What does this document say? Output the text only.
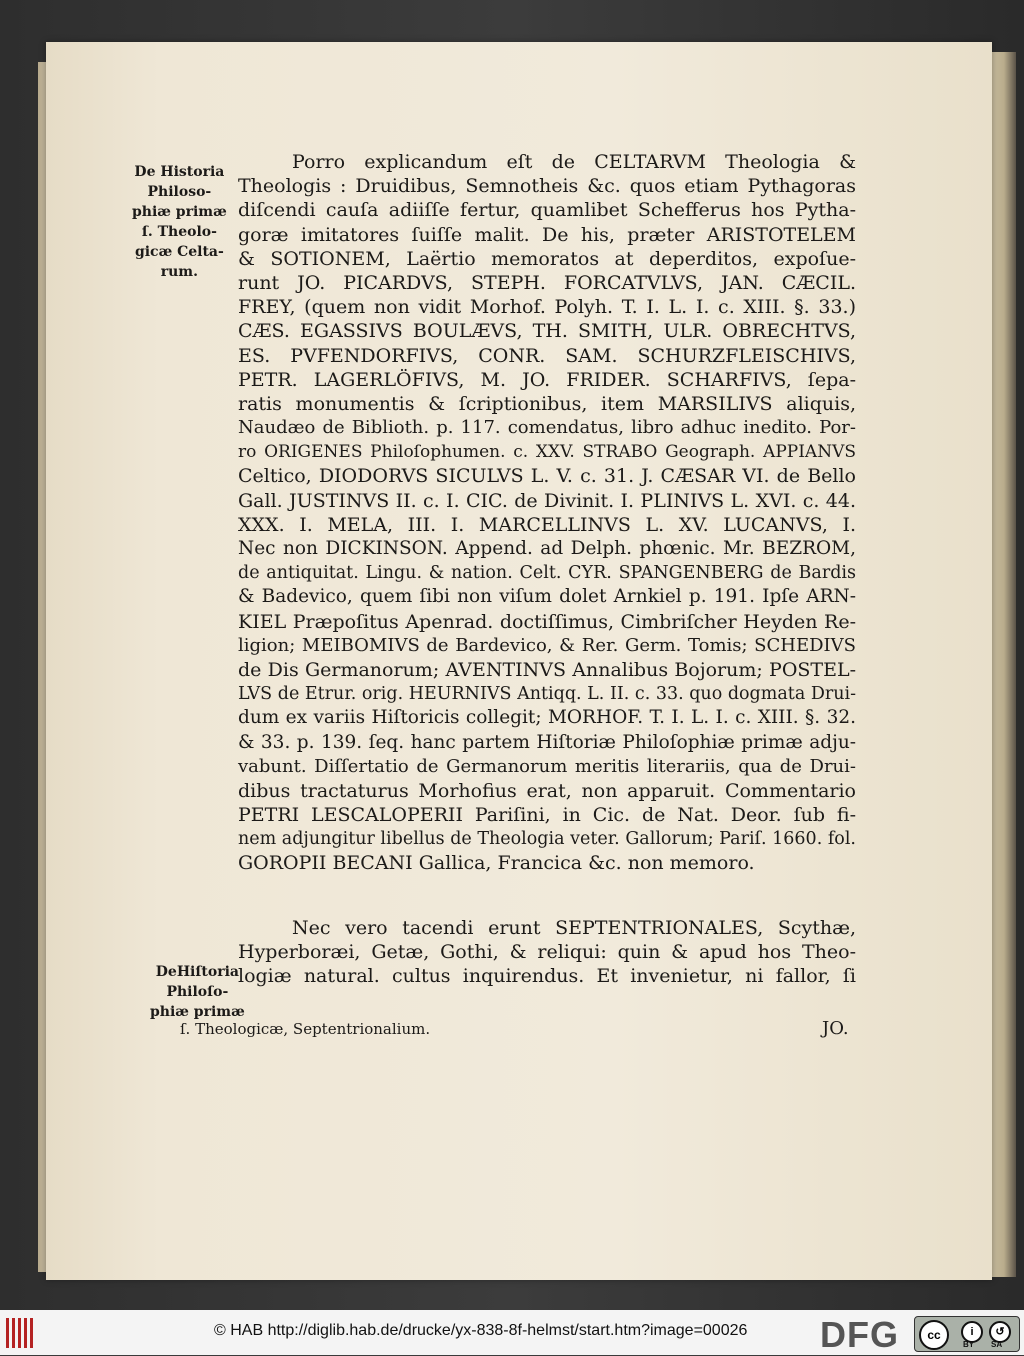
De Historia
Philoso-
phiæ primæ
ſ. Theolo-
gicæ Celta-
rum.
DeHiſtoria
Philoſo-
phiæ primæ
Porro explicandum eſt de CELTARVM Theologia &
Theologis : Druidibus, Semnotheis &c. quos etiam Pythagoras
diſcendi cauſa adiiſſe fertur, quamlibet Schefferus hos Pytha-
goræ imitatores ſuiſſe malit. De his, præter ARISTOTELEM
& SOTIONEM, Laërtio memoratos at deperditos, expoſue-
runt JO. PICARDVS, STEPH. FORCATVLVS, JAN. CÆCIL.
FREY, (quem non vidit Morhof. Polyh. T. I. L. I. c. XIII. §. 33.)
CÆS. EGASSIVS BOULÆVS, TH. SMITH, ULR. OBRECHTVS,
ES. PVFENDORFIVS, CONR. SAM. SCHURZFLEISCHIVS,
PETR. LAGERLÖFIVS, M. JO. FRIDER. SCHARFIVS, ſepa-
ratis monumentis & ſcriptionibus, item MARSILIVS aliquis,
Naudæo de Biblioth. p. 117. comendatus, libro adhuc inedito. Por-
ro ORIGENES Philoſophumen. c. XXV. STRABO Geograph. APPIANVS
Celtico, DIODORVS SICULVS L. V. c. 31. J. CÆSAR VI. de Bello
Gall. JUSTINVS II. c. I. CIC. de Divinit. I. PLINIVS L. XVI. c. 44.
XXX. I. MELA, III. I. MARCELLINVS L. XV. LUCANVS, I.
Nec non DICKINSON. Append. ad Delph. phœnic. Mr. BEZROM,
de antiquitat. Lingu. & nation. Celt. CYR. SPANGENBERG de Bardis
& Badevico, quem ſibi non viſum dolet Arnkiel p. 191. Ipſe ARN-
KIEL Præpoſitus Apenrad. doctiſſimus, Cimbriſcher Heyden Re-
ligion; MEIBOMIVS de Bardevico, & Rer. Germ. Tomis; SCHEDIVS
de Dis Germanorum; AVENTINVS Annalibus Bojorum; POSTEL-
LVS de Etrur. orig. HEURNIVS Antiqq. L. II. c. 33. quo dogmata Drui-
dum ex variis Hiſtoricis collegit; MORHOF. T. I. L. I. c. XIII. §. 32.
& 33. p. 139. ſeq. hanc partem Hiſtoriæ Philoſophiæ primæ adju-
vabunt. Diſſertatio de Germanorum meritis literariis, qua de Drui-
dibus tractaturus Morhofius erat, non apparuit. Commentario
PETRI LESCALOPERII Pariſini, in Cic. de Nat. Deor. ſub fi-
nem adjungitur libellus de Theologia veter. Gallorum; Pariſ. 1660. fol.
GOROPII BECANI Gallica, Francica &c. non memoro.
Nec vero tacendi erunt SEPTENTRIONALES, Scythæ,
Hyperboræi, Getæ, Gothi, & reliqui: quin & apud hos Theo-
logiæ natural. cultus inquirendus. Et invenietur, ni fallor, ſi
ſ. Theologicæ, Septentrionalium.	JO.
© HAB http://diglib.hab.de/drucke/yx-838-8f-helmst/start.htm?image=00026 DFG	cc	i	↺
BY SA
